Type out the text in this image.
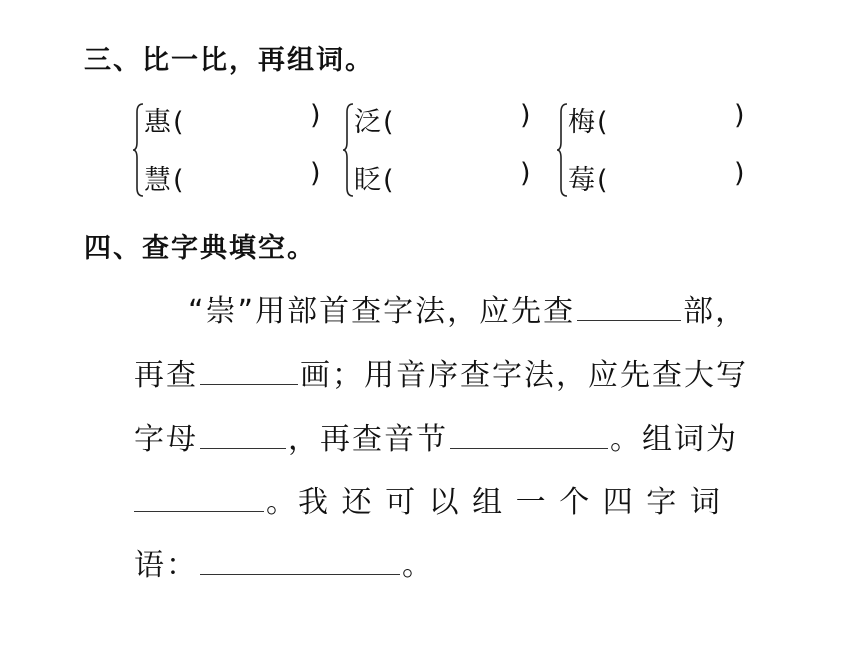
三、比一比，再组词。
惠(	)
慧(	)
泛(	)
眨(	)
梅(	)
莓(	)
四、查字典填空。
“崇”用部首查字法，应先查	部，
再查	画；用音序查字法，应先查大写
字母	，再查音节	。组词为
。我 还 可 以 组 一 个 四 字 词
语：	。
